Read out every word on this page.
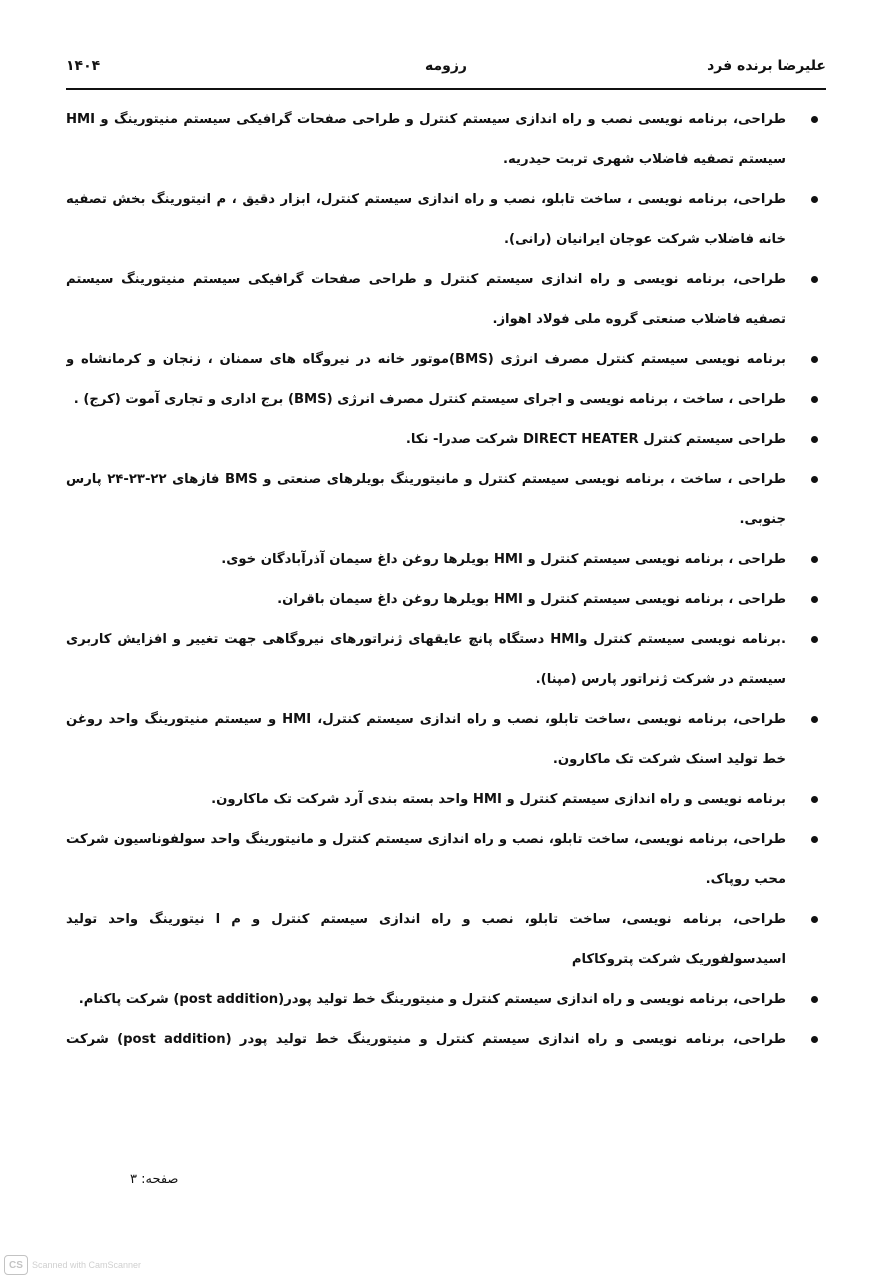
علیرضا برنده فرد
رزومه
۱۴۰۴
طراحی، برنامه نویسی نصب و راه اندازی سیستم کنترل و طراحی صفحات گرافیکی سیستم منیتورینگ و HMI سیستم تصفیه فاضلاب شهری تربت حیدریه.
طراحی، برنامه نویسی ، ساخت تابلو، نصب و راه اندازی سیستم کنترل، ابزار دقیق ، م انیتورینگ بخش تصفیه خانه فاضلاب شرکت عوجان ایرانیان (رانی).
طراحی، برنامه نویسی و راه اندازی سیستم کنترل و طراحی صفحات گرافیکی سیستم منیتورینگ سیستم تصفیه فاضلاب صنعتی گروه ملی فولاد اهواز.
برنامه نویسی سیستم کنترل مصرف انرژی (BMS)موتور خانه در نیروگاه های سمنان ، زنجان و کرمانشاه و
طراحی ، ساخت ، برنامه نویسی و اجرای سیستم کنترل مصرف انرژی (BMS) برج اداری و تجاری آموت (کرج) .
طراحی سیستم کنترل DIRECT HEATER شرکت صدرا- نکا.
طراحی ، ساخت ، برنامه نویسی سیستم کنترل و مانیتورینگ بویلرهای صنعتی و BMS فازهای ۲۲-۲۳-۲۴ پارس جنوبی.
طراحی ، برنامه نویسی سیستم کنترل و HMI بویلرها روغن داغ سیمان آذرآبادگان خوی.
طراحی ، برنامه نویسی سیستم کنترل و HMI بویلرها روغن داغ سیمان باقران.
.برنامه نویسی سیستم کنترل وHMI دستگاه پانچ عایقهای ژنراتورهای نیروگاهی جهت تغییر و افزایش کاربری سیستم در شرکت ژنراتور پارس (مپنا).
طراحی، برنامه نویسی ،ساخت تابلو، نصب و راه اندازی سیستم کنترل، HMI و سیستم منیتورینگ واحد روغن خط تولید اسنک شرکت تک ماکارون.
برنامه نویسی و راه اندازی سیستم کنترل و HMI واحد بسته بندی آرد شرکت تک ماکارون.
طراحی، برنامه نویسی، ساخت تابلو، نصب و راه اندازی سیستم کنترل و مانیتورینگ واحد سولفوناسیون شرکت محب روپاک.
طراحی، برنامه نویسی، ساخت تابلو، نصب و راه اندازی سیستم کنترل و م ا نیتورینگ واحد تولید اسیدسولفوریک شرکت پتروکاکام
طراحی، برنامه نویسی و راه اندازی سیستم کنترل و منیتورینگ خط تولید پودر(post addition) شرکت پاکنام.
طراحی، برنامه نویسی و راه اندازی سیستم کنترل و منیتورینگ خط تولید پودر (post addition) شرکت
صفحه: ۳
CS	Scanned with CamScanner
